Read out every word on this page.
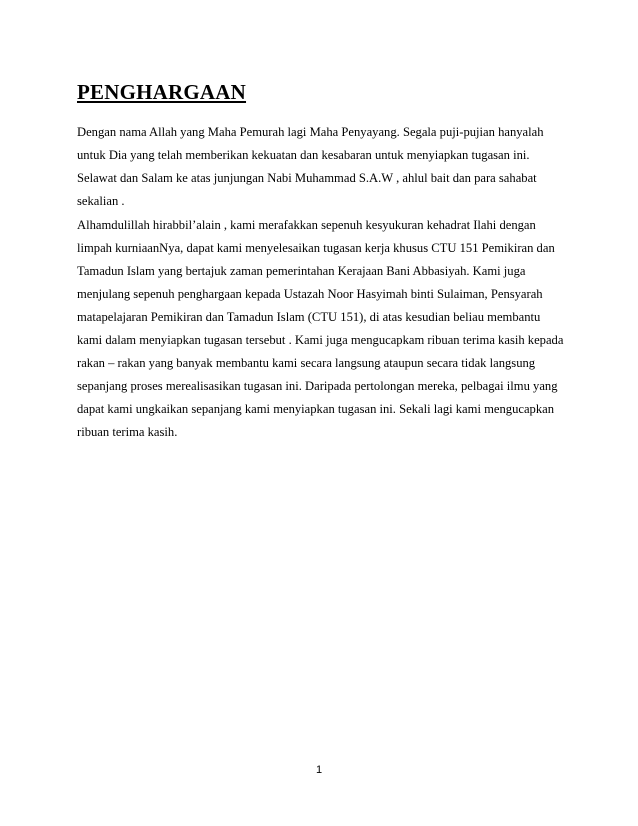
PENGHARGAAN

Dengan nama Allah yang Maha Pemurah lagi Maha Penyayang. Segala puji-pujian hanyalah
untuk Dia yang telah memberikan kekuatan dan kesabaran untuk menyiapkan tugasan ini.
Selawat dan Salam ke atas junjungan Nabi Muhammad S.A.W , ahlul bait dan para sahabat
sekalian .

Alhamdulillah hirabbil’alain , kami merafakkan sepenuh kesyukuran kehadrat Ilahi dengan
limpah kurniaanNya, dapat kami menyelesaikan tugasan kerja khusus CTU 151 Pemikiran dan
Tamadun Islam yang bertajuk zaman pemerintahan Kerajaan Bani Abbasiyah. Kami juga
menjulang sepenuh penghargaan kepada Ustazah Noor Hasyimah binti Sulaiman, Pensyarah
matapelajaran Pemikiran dan Tamadun Islam (CTU 151), di atas kesudian beliau membantu
kami dalam menyiapkan tugasan tersebut . Kami juga mengucapkam ribuan terima kasih kepada
rakan – rakan yang banyak membantu kami secara langsung ataupun secara tidak langsung
sepanjang proses merealisasikan tugasan ini. Daripada pertolongan mereka, pelbagai ilmu yang
dapat kami ungkaikan sepanjang kami menyiapkan tugasan ini. Sekali lagi kami mengucapkan
ribuan terima kasih.

1
